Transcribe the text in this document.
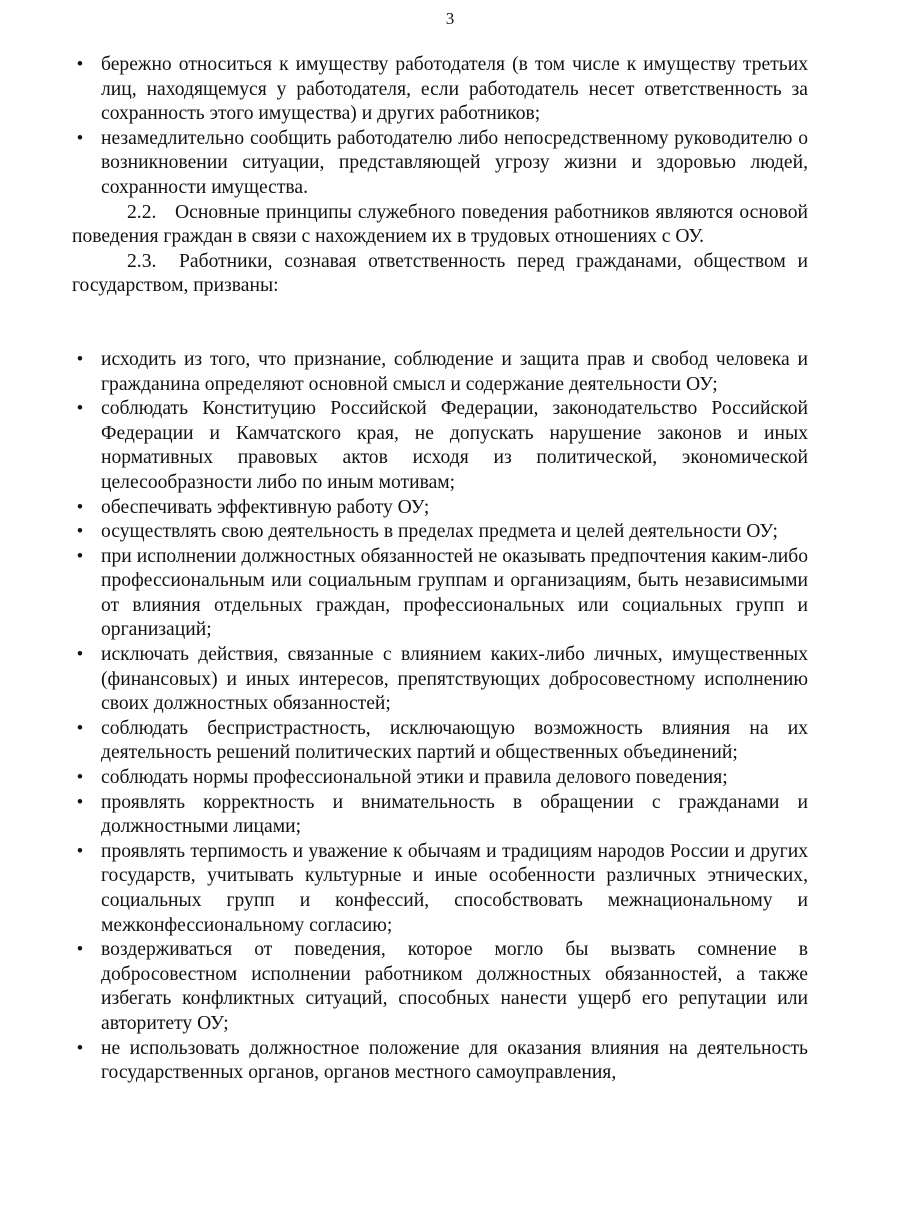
3
• бережно относиться к имуществу работодателя (в том числе к имуществу третьих лиц, находящемуся у работодателя, если работодатель несет ответственность за сохранность этого имущества) и других работников;
• незамедлительно сообщить работодателю либо непосредственному руководителю о возникновении ситуации, представляющей угрозу жизни и здоровью людей, сохранности имущества.
2.2. Основные принципы служебного поведения работников являются основой поведения граждан в связи с нахождением их в трудовых отношениях с ОУ.
2.3. Работники, сознавая ответственность перед гражданами, обществом и государством, призваны:
• исходить из того, что признание, соблюдение и защита прав и свобод человека и гражданина определяют основной смысл и содержание деятельности ОУ;
• соблюдать Конституцию Российской Федерации, законодательство Российской Федерации и Камчатского края, не допускать нарушение законов и иных нормативных правовых актов исходя из политической, экономической целесообразности либо по иным мотивам;
• обеспечивать эффективную работу ОУ;
• осуществлять свою деятельность в пределах предмета и целей деятельности ОУ;
• при исполнении должностных обязанностей не оказывать предпочтения каким-либо профессиональным или социальным группам и организациям, быть независимыми от влияния отдельных граждан, профессиональных или социальных групп и организаций;
• исключать действия, связанные с влиянием каких-либо личных, имущественных (финансовых) и иных интересов, препятствующих добросовестному исполнению своих должностных обязанностей;
• соблюдать беспристрастность, исключающую возможность влияния на их деятельность решений политических партий и общественных объединений;
• соблюдать нормы профессиональной этики и правила делового поведения;
• проявлять корректность и внимательность в обращении с гражданами и должностными лицами;
• проявлять терпимость и уважение к обычаям и традициям народов России и других государств, учитывать культурные и иные особенности различных этнических, социальных групп и конфессий, способствовать межнациональному и межконфессиональному согласию;
• воздерживаться от поведения, которое могло бы вызвать сомнение в добросовестном исполнении работником должностных обязанностей, а также избегать конфликтных ситуаций, способных нанести ущерб его репутации или авторитету ОУ;
• не использовать должностное положение для оказания влияния на деятельность государственных органов, органов местного самоуправления,
